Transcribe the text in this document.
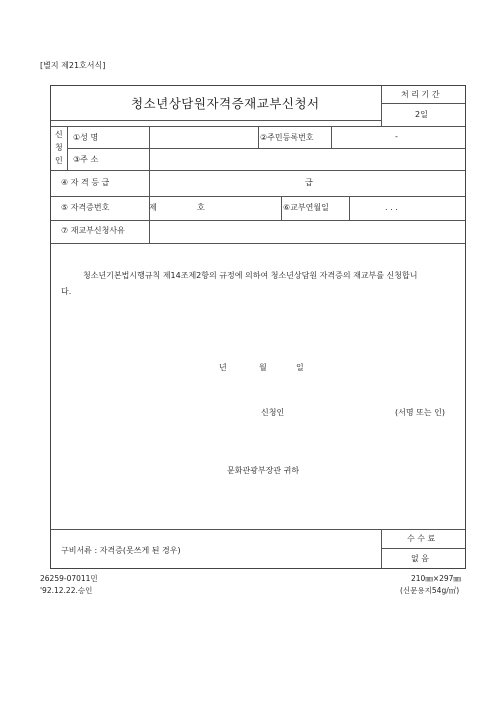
[별지 제21호서식]
청소년상담원자격증재교부신청서
처 리 기 간
2일
신
청
인
①성 명	②주민등록번호	-
③주 소
④ 자 격 등 급	급
⑤ 자격증번호	제	호	⑥교부연월일	. . .
⑦ 재교부신청사유
청소년기본법시행규칙 제14조제2항의 규정에 의하여 청소년상담원 자격증의 재교부를 신청합니
다.
년	월	일
신청인	(서명 또는 인)
문화관광부장관 귀하
구비서류 : 자격증(못쓰게 된 경우)
수 수 료
없 음
26259-07011민
'92.12.22.승인
210㎜×297㎜
(신문용지54g/㎡)
